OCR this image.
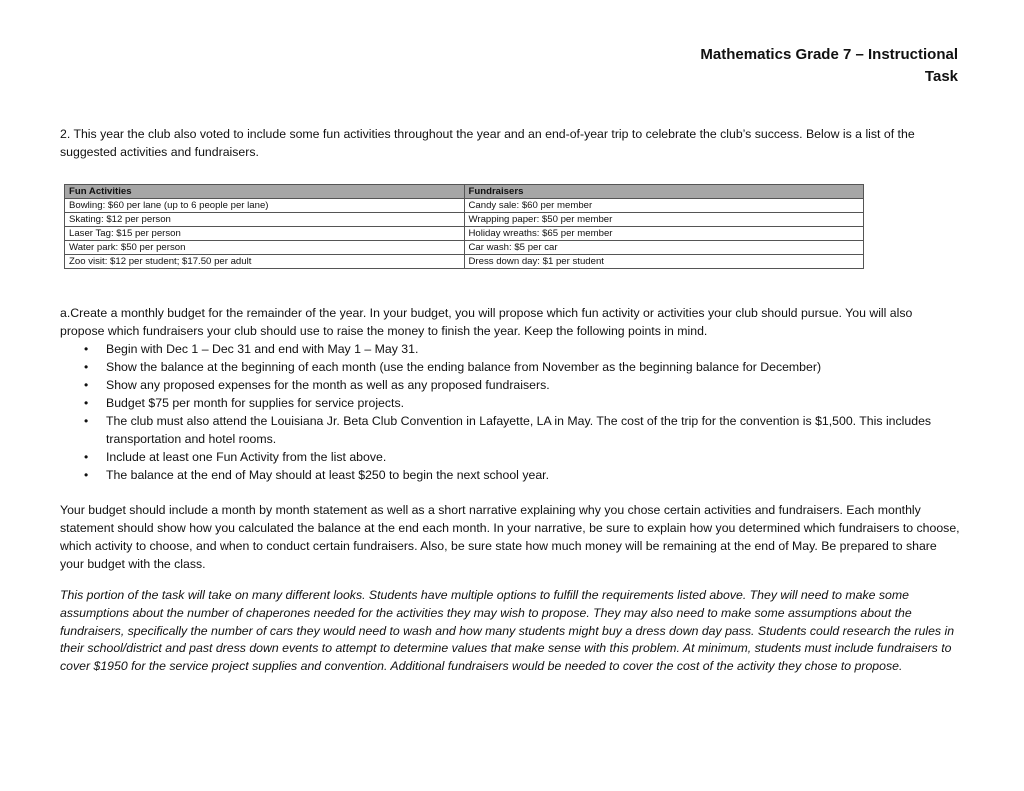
Mathematics Grade 7 – Instructional
Task
2. This year the club also voted to include some fun activities throughout the year and an end-of-year trip to celebrate the club’s success. Below is a list of the suggested activities and fundraisers.
Fun Activities	Fundraisers
Bowling: $60 per lane (up to 6 people per lane)	Candy sale: $60 per member
Skating: $12 per person	Wrapping paper: $50 per member
Laser Tag: $15 per person	Holiday wreaths: $65 per member
Water park: $50 per person	Car wash: $5 per car
Zoo visit: $12 per student; $17.50 per adult	Dress down day: $1 per student

a.Create a monthly budget for the remainder of the year. In your budget, you will propose which fun activity or activities your club should pursue. You will also propose which fundraisers your club should use to raise the money to finish the year. Keep the following points in mind.

• Begin with Dec 1 – Dec 31 and end with May 1 – May 31.
• Show the balance at the beginning of each month (use the ending balance from November as the beginning balance for December)
• Show any proposed expenses for the month as well as any proposed fundraisers.
• Budget $75 per month for supplies for service projects.
• The club must also attend the Louisiana Jr. Beta Club Convention in Lafayette, LA in May. The cost of the trip for the convention is $1,500. This includes transportation and hotel rooms.
• Include at least one Fun Activity from the list above.
• The balance at the end of May should at least $250 to begin the next school year.
Your budget should include a month by month statement as well as a short narrative explaining why you chose certain activities and fundraisers. Each monthly statement should show how you calculated the balance at the end each month. In your narrative, be sure to explain how you determined which fundraisers to choose, which activity to choose, and when to conduct certain fundraisers. Also, be sure state how much money will be remaining at the end of May. Be prepared to share your budget with the class.
This portion of the task will take on many different looks. Students have multiple options to fulfill the requirements listed above. They will need to make some assumptions about the number of chaperones needed for the activities they may wish to propose. They may also need to make some assumptions about the fundraisers, specifically the number of cars they would need to wash and how many students might buy a dress down day pass. Students could research the rules in their school/district and past dress down events to attempt to determine values that make sense with this problem. At minimum, students must include fundraisers to cover $1950 for the service project supplies and convention. Additional fundraisers would be needed to cover the cost of the activity they chose to propose.
